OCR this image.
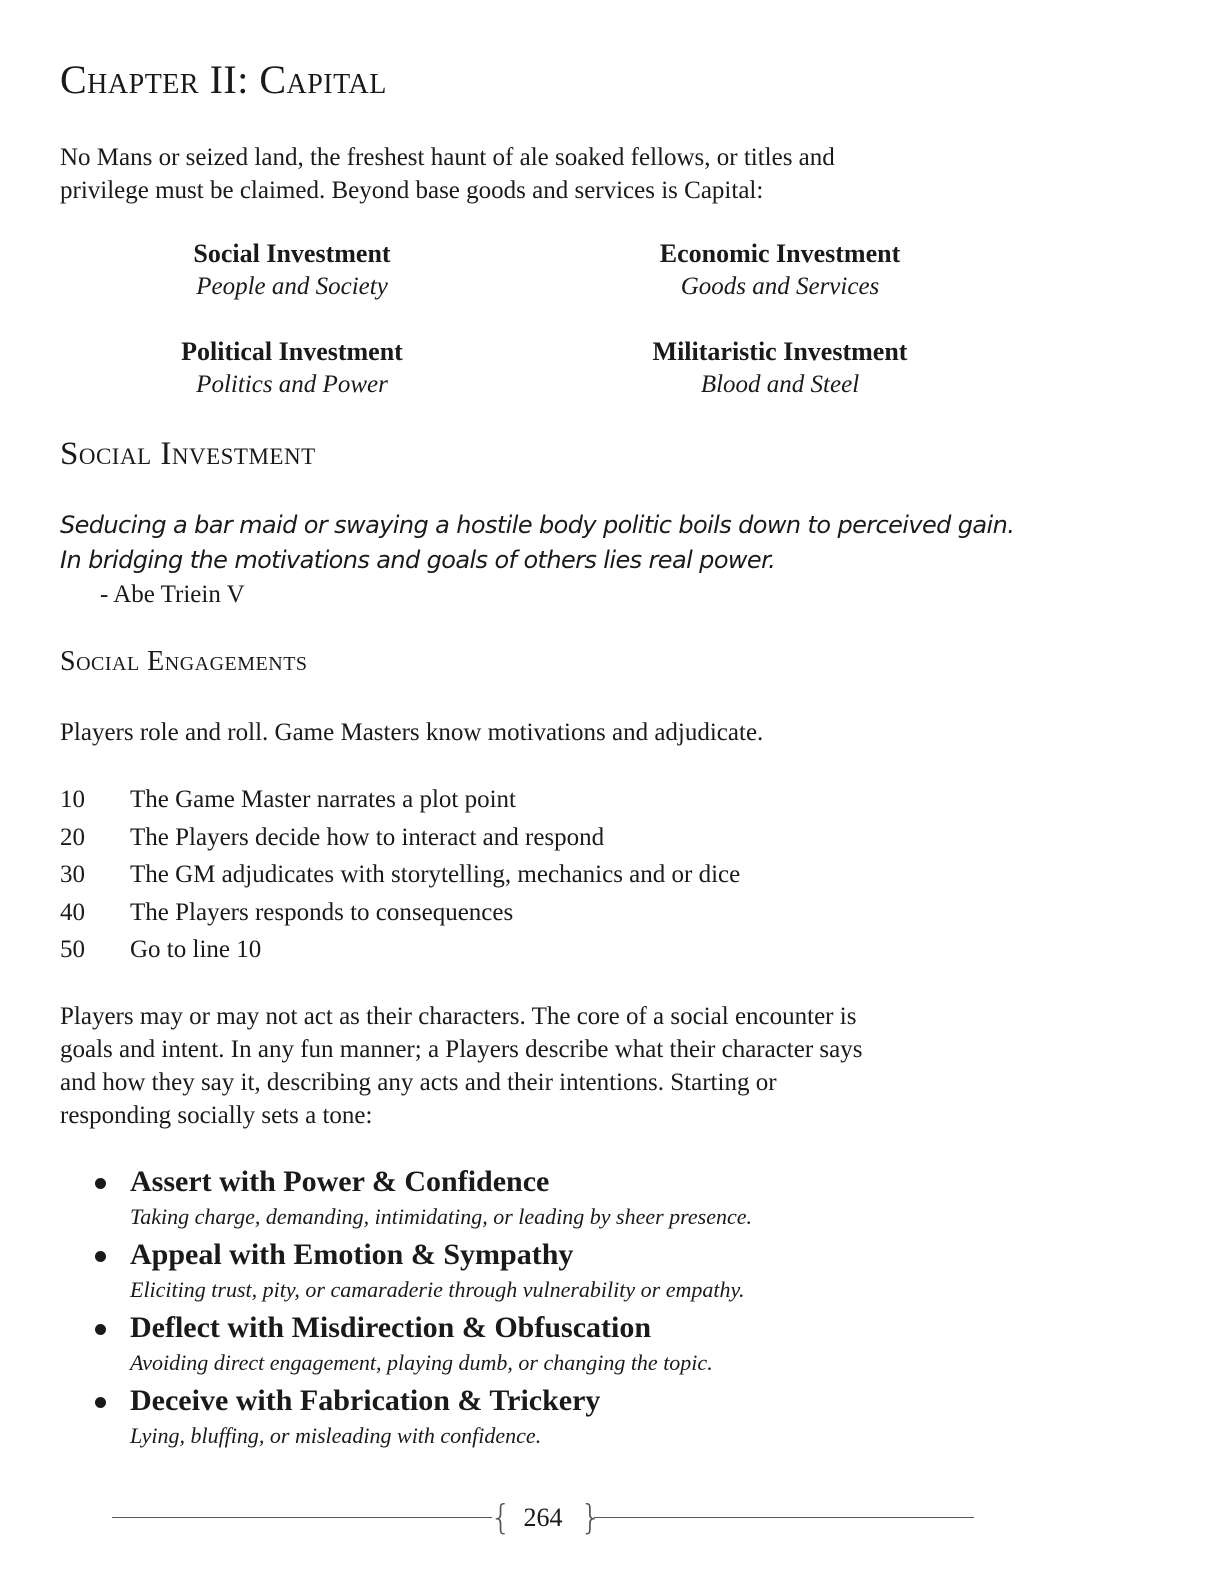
Chapter II: Capital
No Mans or seized land, the freshest haunt of ale soaked fellows, or titles and
privilege must be claimed. Beyond base goods and services is Capital:
Social Investment
People and Society
Economic Investment
Goods and Services
Political Investment
Politics and Power
Militaristic Investment
Blood and Steel
Social Investment
Seducing a bar maid or swaying a hostile body politic boils down to perceived gain.
In bridging the motivations and goals of others lies real power.
- Abe Triein V
Social Engagements

Players role and roll. Game Masters know motivations and adjudicate.

10 The Game Master narrates a plot point
20 The Players decide how to interact and respond
30 The GM adjudicates with storytelling, mechanics and or dice
40 The Players responds to consequences
50 Go to line 10
Players may or may not act as their characters. The core of a social encounter is
goals and intent. In any fun manner; a Players describe what their character says
and how they say it, describing any acts and their intentions. Starting or
responding socially sets a tone:
Assert with Power & Confidence
Taking charge, demanding, intimidating, or leading by sheer presence.
Appeal with Emotion & Sympathy
Eliciting trust, pity, or camaraderie through vulnerability or empathy.
Deflect with Misdirection & Obfuscation
Avoiding direct engagement, playing dumb, or changing the topic.
Deceive with Fabrication & Trickery
Lying, bluffing, or misleading with confidence.
{ 264 }
